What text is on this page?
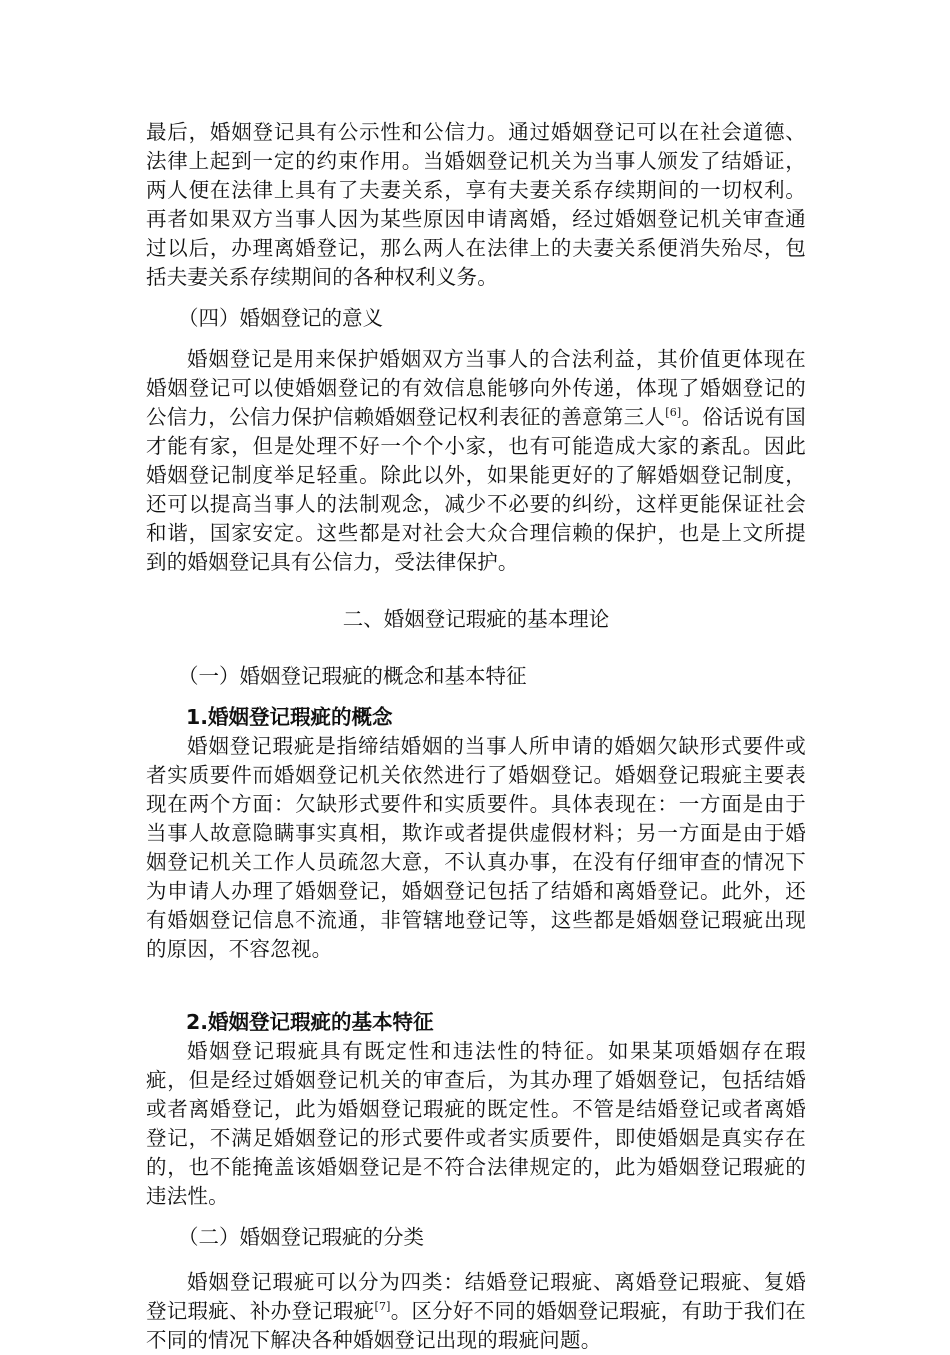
最后，婚姻登记具有公示性和公信力。通过婚姻登记可以在社会道德、法律上起到一定的约束作用。当婚姻登记机关为当事人颁发了结婚证，两人便在法律上具有了夫妻关系，享有夫妻关系存续期间的一切权利。再者如果双方当事人因为某些原因申请离婚，经过婚姻登记机关审查通过以后，办理离婚登记，那么两人在法律上的夫妻关系便消失殆尽，包括夫妻关系存续期间的各种权利义务。

（四）婚姻登记的意义

婚姻登记是用来保护婚姻双方当事人的合法利益，其价值更体现在婚姻登记可以使婚姻登记的有效信息能够向外传递，体现了婚姻登记的公信力，公信力保护信赖婚姻登记权利表征的善意第三人[6]。俗话说有国才能有家，但是处理不好一个个小家，也有可能造成大家的紊乱。因此婚姻登记制度举足轻重。除此以外，如果能更好的了解婚姻登记制度，还可以提高当事人的法制观念，减少不必要的纠纷，这样更能保证社会和谐，国家安定。这些都是对社会大众合理信赖的保护，也是上文所提到的婚姻登记具有公信力，受法律保护。

二、婚姻登记瑕疵的基本理论

（一）婚姻登记瑕疵的概念和基本特征

1.婚姻登记瑕疵的概念

婚姻登记瑕疵是指缔结婚姻的当事人所申请的婚姻欠缺形式要件或者实质要件而婚姻登记机关依然进行了婚姻登记。婚姻登记瑕疵主要表现在两个方面：欠缺形式要件和实质要件。具体表现在：一方面是由于当事人故意隐瞒事实真相，欺诈或者提供虚假材料；另一方面是由于婚姻登记机关工作人员疏忽大意，不认真办事，在没有仔细审查的情况下为申请人办理了婚姻登记，婚姻登记包括了结婚和离婚登记。此外，还有婚姻登记信息不流通，非管辖地登记等，这些都是婚姻登记瑕疵出现的原因，不容忽视。

2.婚姻登记瑕疵的基本特征

婚姻登记瑕疵具有既定性和违法性的特征。如果某项婚姻存在瑕疵，但是经过婚姻登记机关的审查后，为其办理了婚姻登记，包括结婚或者离婚登记，此为婚姻登记瑕疵的既定性。不管是结婚登记或者离婚登记，不满足婚姻登记的形式要件或者实质要件，即使婚姻是真实存在的，也不能掩盖该婚姻登记是不符合法律规定的，此为婚姻登记瑕疵的违法性。

（二）婚姻登记瑕疵的分类

婚姻登记瑕疵可以分为四类：结婚登记瑕疵、离婚登记瑕疵、复婚登记瑕疵、补办登记瑕疵[7]。区分好不同的婚姻登记瑕疵，有助于我们在不同的情况下解决各种婚姻登记出现的瑕疵问题。
